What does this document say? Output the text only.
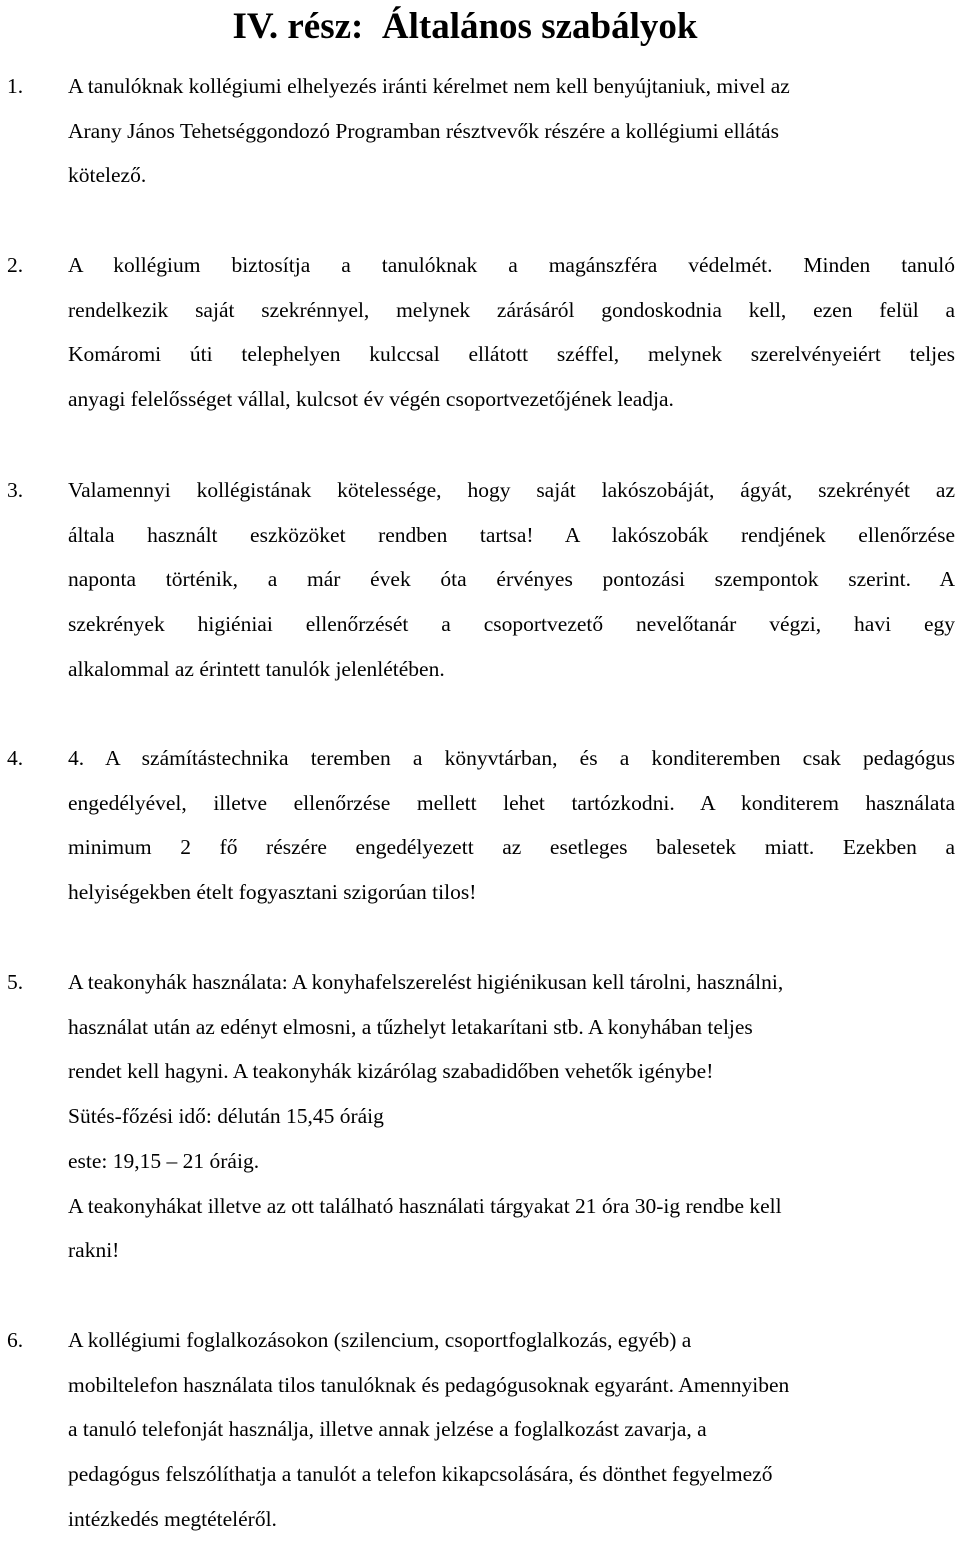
IV. rész:  Általános szabályok
1. A tanulóknak kollégiumi elhelyezés iránti kérelmet nem kell benyújtaniuk, mivel az
Arany János Tehetséggondozó Programban résztvevők részére a kollégiumi ellátás
kötelező.
2. A kollégium biztosítja a tanulóknak a magánszféra védelmét. Minden tanuló
rendelkezik saját szekrénnyel, melynek zárásáról gondoskodnia kell, ezen felül a
Komáromi úti telephelyen kulccsal ellátott széffel, melynek szerelvényeiért teljes
anyagi felelősséget vállal, kulcsot év végén csoportvezetőjének leadja.
3. Valamennyi kollégistának kötelessége, hogy saját lakószobáját, ágyát, szekrényét az
általa használt eszközöket rendben tartsa! A lakószobák rendjének ellenőrzése
naponta történik, a már évek óta érvényes pontozási szempontok szerint. A
szekrények higiéniai ellenőrzését a csoportvezető nevelőtanár végzi, havi egy
alkalommal az érintett tanulók jelenlétében.
4. 4. A számítástechnika teremben a könyvtárban, és a konditeremben csak pedagógus
engedélyével, illetve ellenőrzése mellett lehet tartózkodni. A konditerem használata
minimum 2 fő részére engedélyezett az esetleges balesetek miatt. Ezekben a
helyiségekben ételt fogyasztani szigorúan tilos!
5. A teakonyhák használata: A konyhafelszerelést higiénikusan kell tárolni, használni,
használat után az edényt elmosni, a tűzhelyt letakarítani stb. A konyhában teljes
rendet kell hagyni. A teakonyhák kizárólag szabadidőben vehetők igénybe!
Sütés-főzési idő: délután 15,45 óráig
este: 19,15 – 21 óráig.
A teakonyhákat illetve az ott található használati tárgyakat 21 óra 30-ig rendbe kell
rakni!
6. A kollégiumi foglalkozásokon (szilencium, csoportfoglalkozás, egyéb) a
mobiltelefon használata tilos tanulóknak és pedagógusoknak egyaránt. Amennyiben
a tanuló telefonját használja, illetve annak jelzése a foglalkozást zavarja, a
pedagógus felszólíthatja a tanulót a telefon kikapcsolására, és dönthet fegyelmező
intézkedés megtételéről.
